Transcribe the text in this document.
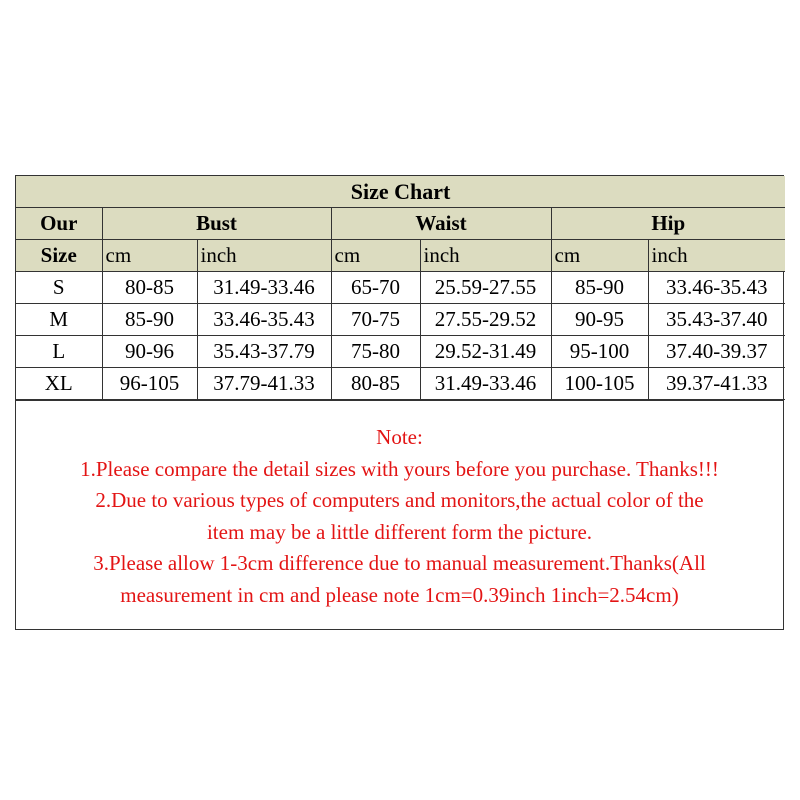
Size Chart						
Our	Bust		Waist		Hip	
Size	cm	inch	cm	inch	cm	inch
S	80-85	31.49-33.46	65-70	25.59-27.55	85-90	33.46-35.43
M	85-90	33.46-35.43	70-75	27.55-29.52	90-95	35.43-37.40
L	90-96	35.43-37.79	75-80	29.52-31.49	95-100	37.40-39.37
XL	96-105	37.79-41.33	80-85	31.49-33.46	100-105	39.37-41.33
Note:
1.Please compare the detail sizes with yours before you purchase. Thanks!!!
2.Due to various types of computers and monitors,the actual color of the
item may be a little different form the picture.
3.Please allow 1-3cm difference due to manual measurement.Thanks(All
measurement in cm and please note 1cm=0.39inch 1inch=2.54cm)
